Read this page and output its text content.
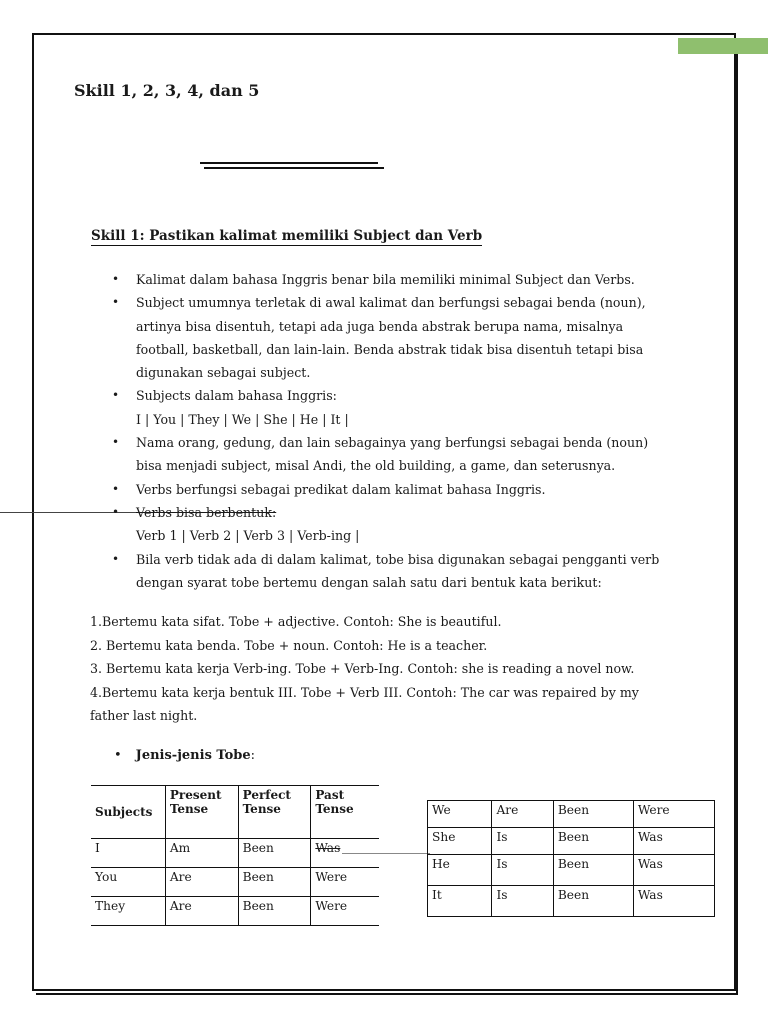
Skill 1, 2, 3, 4, dan 5
Skill 1: Pastikan kalimat memiliki Subject dan Verb
• Kalimat dalam bahasa Inggris benar bila memiliki minimal Subject dan Verbs.
• Subject umumnya terletak di awal kalimat dan berfungsi sebagai benda (noun),
artinya bisa disentuh, tetapi ada juga benda abstrak berupa nama, misalnya
football, basketball, dan lain-lain. Benda abstrak tidak bisa disentuh tetapi bisa
digunakan sebagai subject.
• Subjects dalam bahasa Inggris:
I | You | They | We | She | He | It |
• Nama orang, gedung, dan lain sebagainya yang berfungsi sebagai benda (noun)
bisa menjadi subject, misal Andi, the old building, a game, dan seterusnya.
• Verbs berfungsi sebagai predikat dalam kalimat bahasa Inggris.
• Verbs bisa berbentuk:
Verb 1 | Verb 2 | Verb 3 | Verb-ing |
• Bila verb tidak ada di dalam kalimat, tobe bisa digunakan sebagai pengganti verb
dengan syarat tobe bertemu dengan salah satu dari bentuk kata berikut:
1.Bertemu kata sifat. Tobe + adjective. Contoh: She is beautiful.
2. Bertemu kata benda. Tobe + noun. Contoh: He is a teacher.
3. Bertemu kata kerja Verb-ing. Tobe + Verb-Ing. Contoh: she is reading a novel now.
4.Bertemu kata kerja bentuk III. Tobe + Verb III. Contoh: The car was repaired by my
father last night.

• Jenis-jenis Tobe:

Subjects	Present Tense	Perfect Tense	Past Tense
I	Am	Been	Was
You	Are	Been	Were
They	Are	Been	Were
We	Are	Been	Were
She	Is	Been	Was
He	Is	Been	Was
It	Is	Been	Was
